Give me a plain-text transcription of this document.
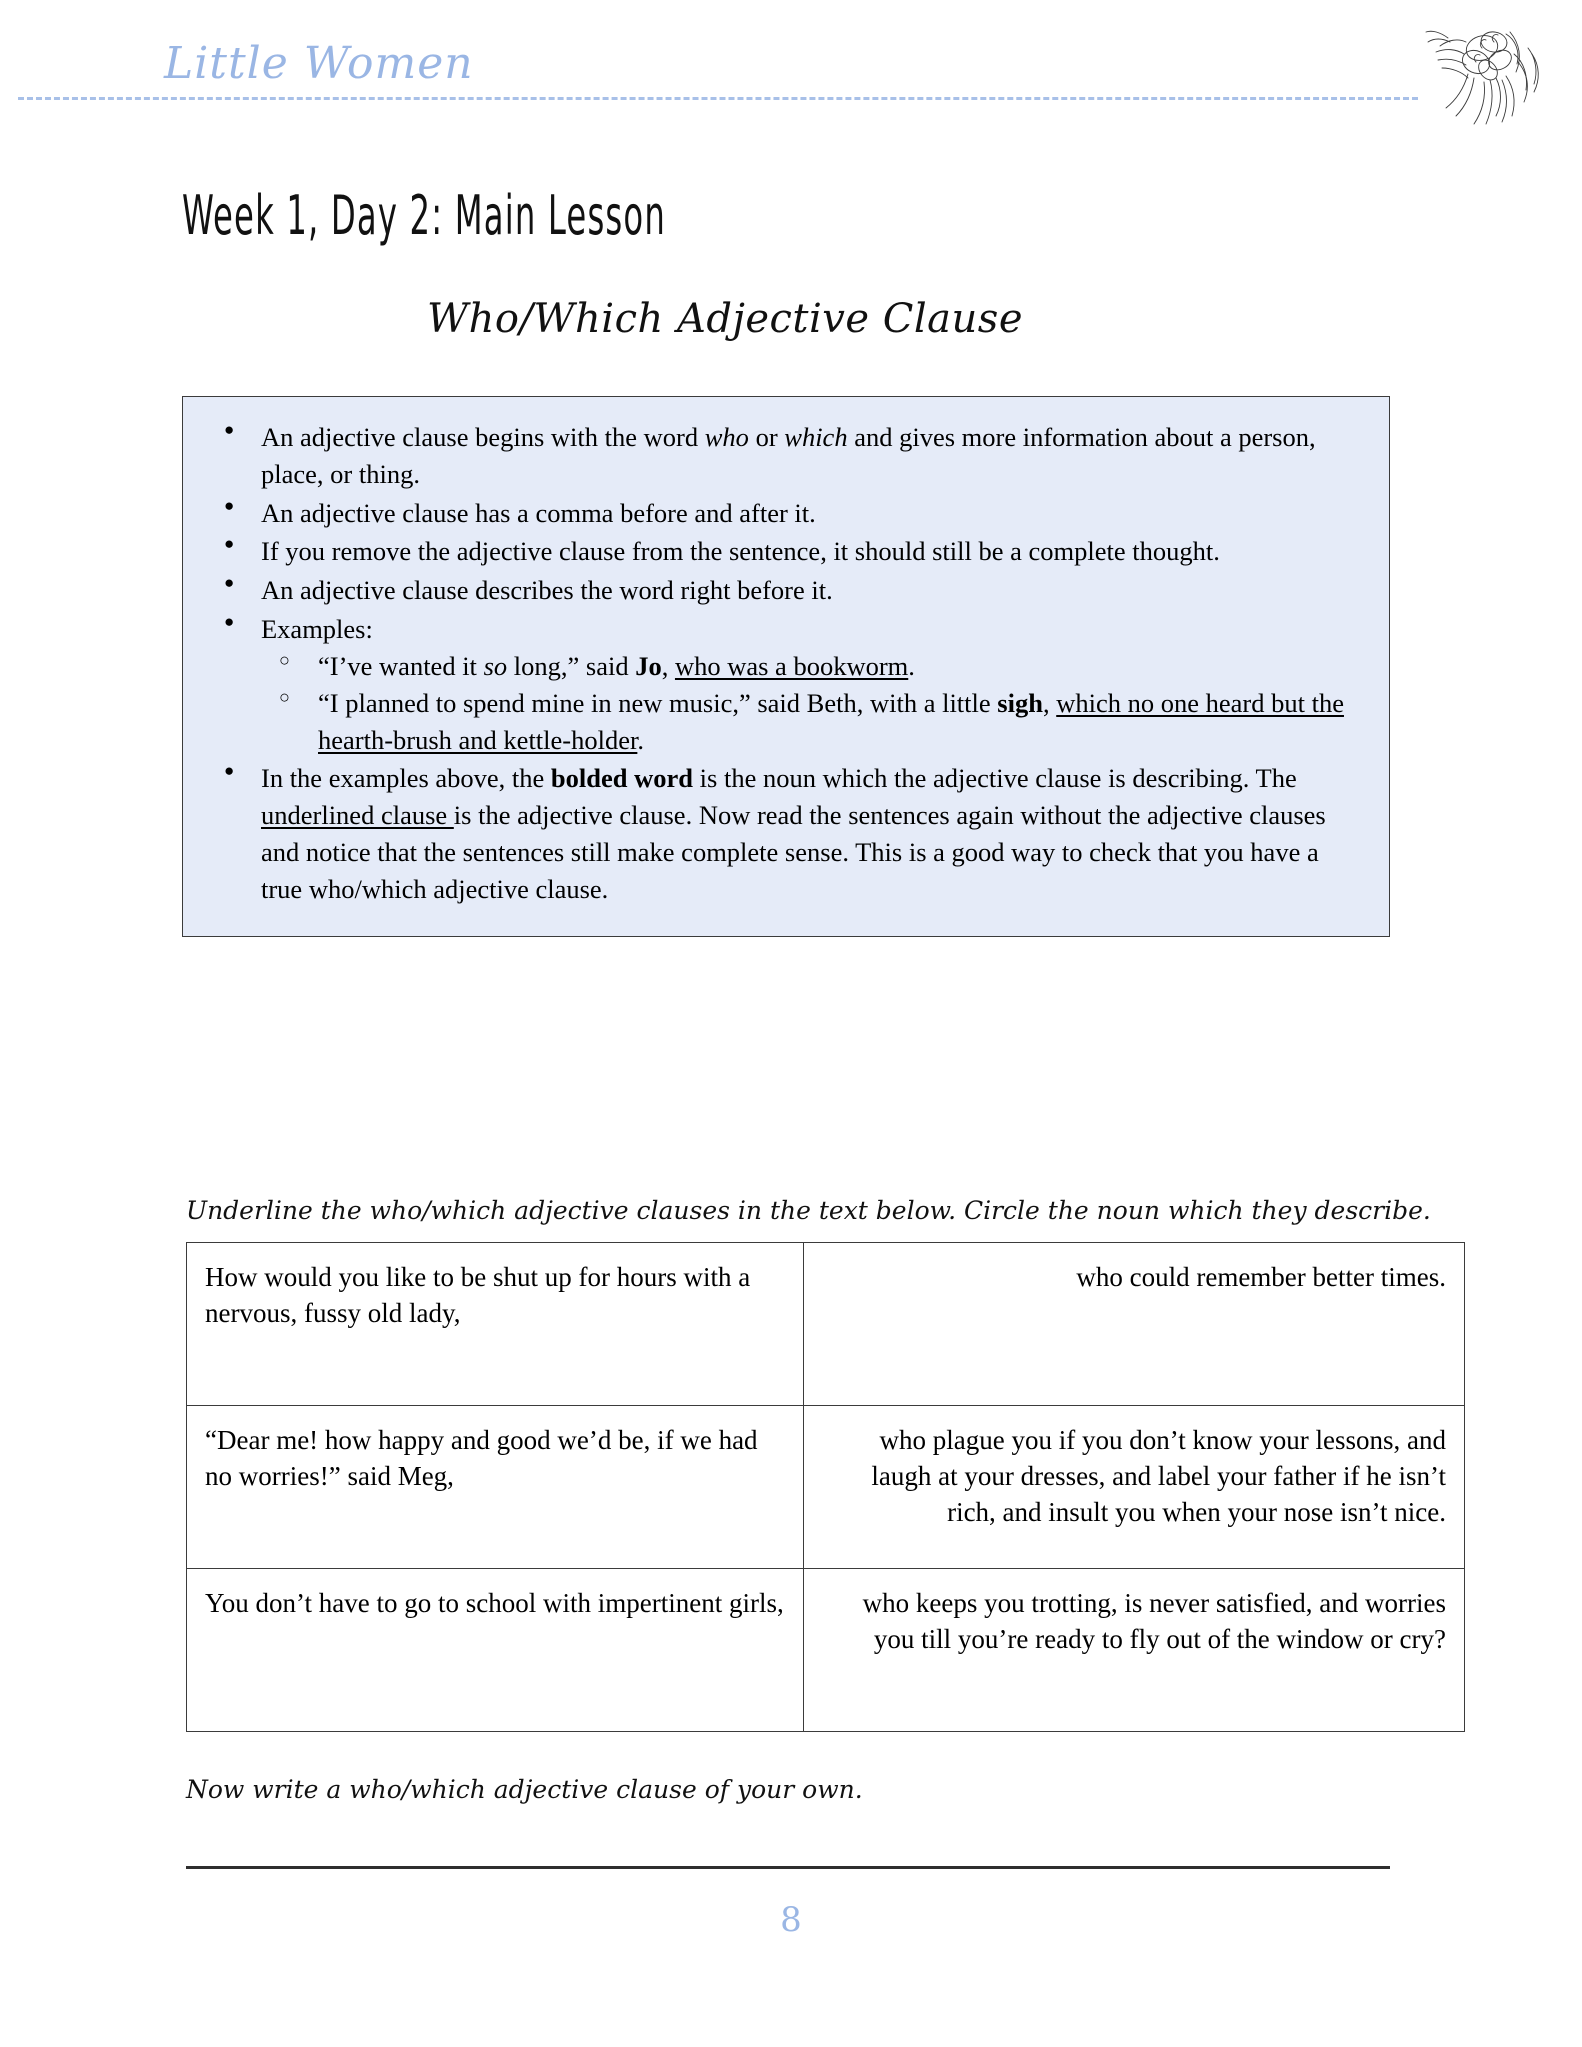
Little Women
Week 1, Day 2: Main Lesson
Who/Which Adjective Clause
● An adjective clause begins with the word who or which and gives more information about a person, place, or thing.
● An adjective clause has a comma before and after it.
● If you remove the adjective clause from the sentence, it should still be a complete thought.
● An adjective clause describes the word right before it.
● Examples:
○ “I’ve wanted it so long,” said Jo, who was a bookworm.
○ “I planned to spend mine in new music,” said Beth, with a little sigh, which no one heard but the hearth-brush and kettle-holder.
● In the examples above, the bolded word is the noun which the adjective clause is describing. The underlined clause is the adjective clause. Now read the sentences again without the adjective clauses and notice that the sentences still make complete sense. This is a good way to check that you have a true who/which adjective clause.
Underline the who/which adjective clauses in the text below. Circle the noun which they describe.
How would you like to be shut up for hours with a nervous, fussy old lady,	who could remember better times.
“Dear me! how happy and good we’d be, if we had no worries!” said Meg,	who plague you if you don’t know your lessons, and laugh at your dresses, and label your father if he isn’t rich, and insult you when your nose isn’t nice.
You don’t have to go to school with impertinent girls,	who keeps you trotting, is never satisfied, and worries you till you’re ready to fly out of the window or cry?
Now write a who/which adjective clause of your own.
8
